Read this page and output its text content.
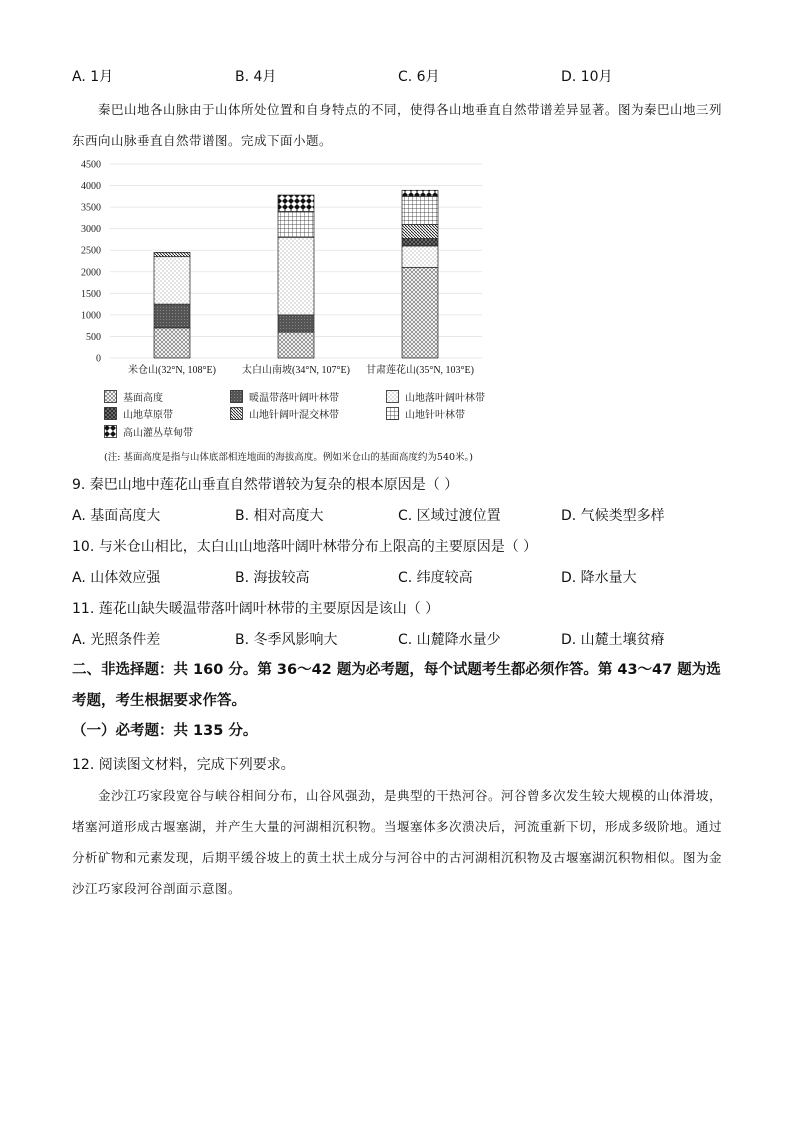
A. 1月	B. 4月	C. 6月	D. 10月

秦巴山地各山脉由于山体所处位置和自身特点的不同，使得各山地垂直自然带谱差异显著。图为秦巴山地三列东西向山脉垂直自然带谱图。完成下面小题。

0
500
1000
1500
2000
2500
3000
3500
4000
4500
米仓山(32°N, 108°E)	太白山南坡(34°N, 107°E) 甘肃莲花山(35°N, 103°E)
基面高度	暖温带落叶阔叶林带	山地落叶阔叶林带
山地草原带	山地针阔叶混交林带	山地针叶林带
高山灌丛草甸带
(注: 基面高度是指与山体底部相连地面的海拔高度。例如米仓山的基面高度约为540米。)
9. 秦巴山地中莲花山垂直自然带谱较为复杂的根本原因是（ ）
A. 基面高度大	B. 相对高度大	C. 区域过渡位置	D. 气候类型多样
10. 与米仓山相比，太白山山地落叶阔叶林带分布上限高的主要原因是（ ）
A. 山体效应强	B. 海拔较高	C. 纬度较高	D. 降水量大
11. 莲花山缺失暖温带落叶阔叶林带的主要原因是该山（ ）
A. 光照条件差	B. 冬季风影响大	C. 山麓降水量少	D. 山麓土壤贫瘠
二、非选择题：共 160 分。第 36～42 题为必考题，每个试题考生都必须作答。第 43～47 题为选考题，考生根据要求作答。
（一）必考题：共 135 分。
12. 阅读图文材料，完成下列要求。

金沙江巧家段宽谷与峡谷相间分布，山谷风强劲，是典型的干热河谷。河谷曾多次发生较大规模的山体滑坡，堵塞河道形成古堰塞湖，并产生大量的河湖相沉积物。当堰塞体多次溃决后，河流重新下切，形成多级阶地。通过分析矿物和元素发现，后期平缓谷坡上的黄土状土成分与河谷中的古河湖相沉积物及古堰塞湖沉积物相似。图为金沙江巧家段河谷剖面示意图。
